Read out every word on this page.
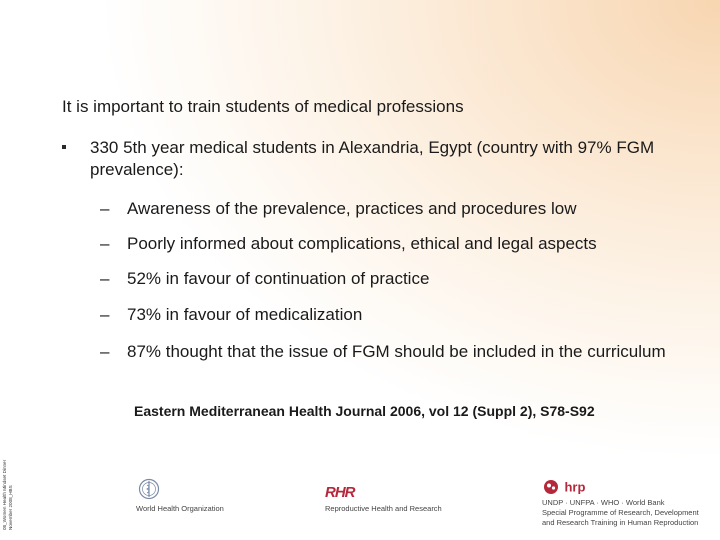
It is important to train students of medical professions
330 5th year medical students in Alexandria, Egypt (country with 97% FGM prevalence):
– Awareness of the prevalence, practices and procedures low
– Poorly informed about complications, ethical and legal aspects
– 52% in favour of continuation of practice
– 73% in favour of medicalization
– 87% thought that the issue of FGM should be included in the curriculum
Eastern Mediterranean Health Journal 2006, vol 12 (Suppl 2), S78-S92
08_Women Health Mindset Dinner
November 2008_HBS	World Health Organization
RHR
Reproductive Health and Research
hrp
UNDP · UNFPA · WHO · World Bank
Special Programme of Research, Development
and Research Training in Human Reproduction
